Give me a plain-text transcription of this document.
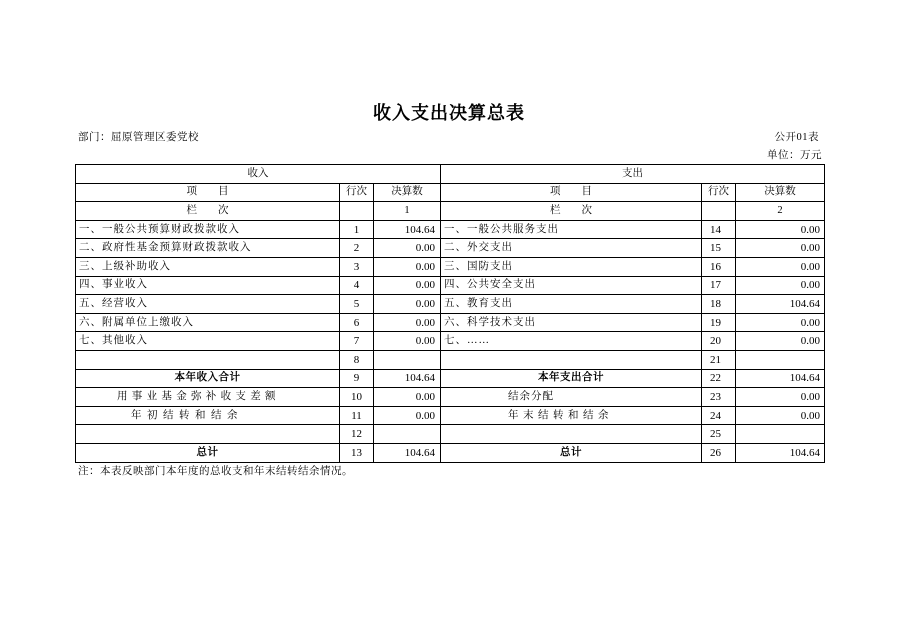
收入支出决算总表
部门：屈原管理区委党校	公开01表
单位：万元
收入			支出		
项　　目	行次	决算数	项　　目	行次	决算数
栏　　次		1	栏　　次		2
一、一般公共预算财政拨款收入	1	104.64	一、一般公共服务支出	14	0.00
二、政府性基金预算财政拨款收入	2	0.00	二、外交支出	15	0.00
三、上级补助收入	3	0.00	三、国防支出	16	0.00
四、事业收入	4	0.00	四、公共安全支出	17	0.00
五、经营收入	5	0.00	五、教育支出	18	104.64
六、附属单位上缴收入	6	0.00	六、科学技术支出	19	0.00
七、其他收入	7	0.00	七、……	20	0.00
	8			21	
本年收入合计	9	104.64	本年支出合计	22	104.64
用事业基金弥补收支差额	10	0.00	结余分配	23	0.00
年初结转和结余	11	0.00	年末结转和结余	24	0.00
	12			25	
总计	13	104.64	总计	26	104.64
注：本表反映部门本年度的总收支和年末结转结余情况。
